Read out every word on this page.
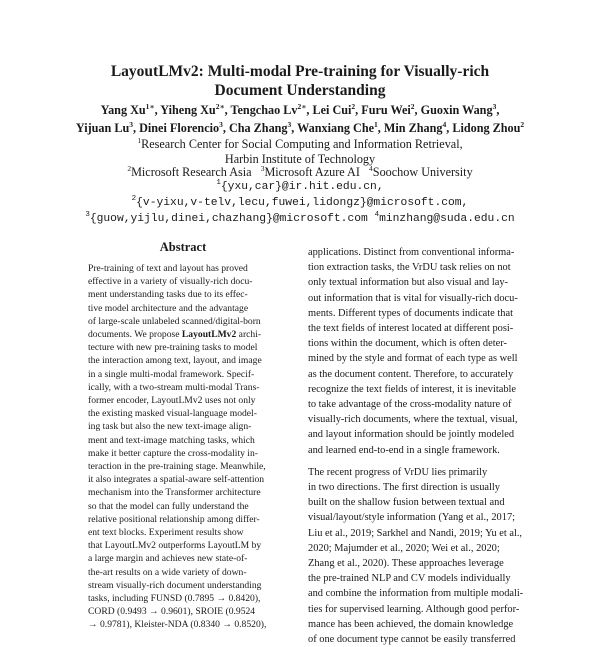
LayoutLMv2: Multi-modal Pre-training for Visually-rich
Document Understanding
Yang $Xu^{1∗}$, Yiheng $Xu^{2∗}$, Tengchao $Lv^{2∗}$, Lei Cui$^2$, Furu Wei$^2$, Guoxin Wang$^3$,
Yijuan Lu$^3$, Dinei Florencio$^3$, Cha Zhang$^3$, Wanxiang Che$^1$, Min Zhang$^4$, Lidong Zhou$^2$
$^1$Research Center for Social Computing and Information Retrieval,
Harbin Institute of Technology
$^2$Microsoft Research Asia $^3$Microsoft Azure AI $^4$Soochow University
$^1${yxu,car}@ir.hit.edu.cn,
$^2${v-yixu,v-telv,lecu,fuwei,lidongz}@microsoft.com,
$^3${guow,yijlu,dinei,chazhang}@microsoft.com $^4$minzhang@suda.edu.cn
Abstract
Pre-training of text and layout has proved
effective in a variety of visually-rich docu-
ment understanding tasks due to its effec-
tive model architecture and the advantage
of large-scale unlabeled scanned/digital-born
documents. We propose LayoutLMv2 archi-
tecture with new pre-training tasks to model
the interaction among text, layout, and image
in a single multi-modal framework. Specif-
ically, with a two-stream multi-modal Trans-
former encoder, LayoutLMv2 uses not only
the existing masked visual-language model-
ing task but also the new text-image align-
ment and text-image matching tasks, which
make it better capture the cross-modality in-
teraction in the pre-training stage. Meanwhile,
it also integrates a spatial-aware self-attention
mechanism into the Transformer architecture
so that the model can fully understand the
relative positional relationship among differ-
ent text blocks. Experiment results show
that LayoutLMv2 outperforms LayoutLM by
a large margin and achieves new state-of-
the-art results on a wide variety of down-
stream visually-rich document understanding
tasks, including FUNSD (0.7895 → 0.8420),
CORD (0.9493 → 0.9601), SROIE (0.9524
→ 0.9781), Kleister-NDA (0.8340 → 0.8520),
applications. Distinct from conventional informa-
tion extraction tasks, the VrDU task relies on not
only textual information but also visual and lay-
out information that is vital for visually-rich docu-
ments. Different types of documents indicate that
the text fields of interest located at different posi-
tions within the document, which is often deter-
mined by the style and format of each type as well
as the document content. Therefore, to accurately
recognize the text fields of interest, it is inevitable
to take advantage of the cross-modality nature of
visually-rich documents, where the textual, visual,
and layout information should be jointly modeled
and learned end-to-end in a single framework.
The recent progress of VrDU lies primarily
in two directions. The first direction is usually
built on the shallow fusion between textual and
visual/layout/style information (Yang et al., 2017;
Liu et al., 2019; Sarkhel and Nandi, 2019; Yu et al.,
2020; Majumder et al., 2020; Wei et al., 2020;
Zhang et al., 2020). These approaches leverage
the pre-trained NLP and CV models individually
and combine the information from multiple modali-
ties for supervised learning. Although good perfor-
mance has been achieved, the domain knowledge
of one document type cannot be easily transferred
